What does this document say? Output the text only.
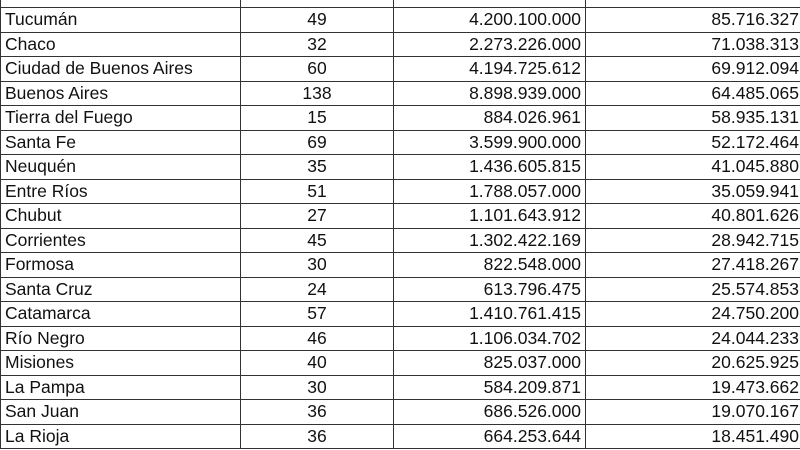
Tucumán	49	4.200.100.000	85.716.327
Chaco	32	2.273.226.000	71.038.313
Ciudad de Buenos Aires	60	4.194.725.612	69.912.094
Buenos Aires	138	8.898.939.000	64.485.065
Tierra del Fuego	15	884.026.961	58.935.131
Santa Fe	69	3.599.900.000	52.172.464
Neuquén	35	1.436.605.815	41.045.880
Entre Ríos	51	1.788.057.000	35.059.941
Chubut	27	1.101.643.912	40.801.626
Corrientes	45	1.302.422.169	28.942.715
Formosa	30	822.548.000	27.418.267
Santa Cruz	24	613.796.475	25.574.853
Catamarca	57	1.410.761.415	24.750.200
Río Negro	46	1.106.034.702	24.044.233
Misiones	40	825.037.000	20.625.925
La Pampa	30	584.209.871	19.473.662
San Juan	36	686.526.000	19.070.167
La Rioja	36	664.253.644	18.451.490
